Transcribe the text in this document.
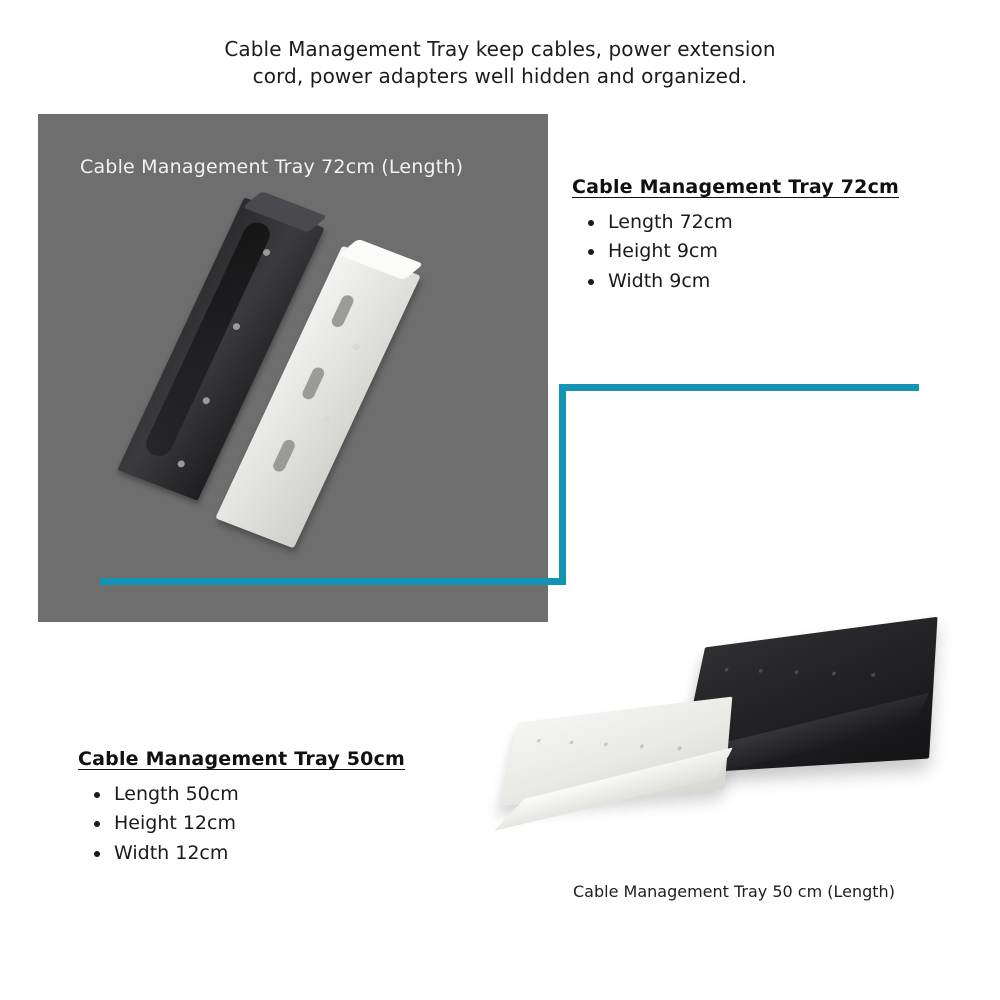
Cable Management Tray keep cables, power extension
cord, power adapters well hidden and organized.
Cable Management Tray 72cm (Length)
Cable Management Tray 72cm
• Length 72cm
• Height 9cm
• Width 9cm
Cable Management Tray 50cm
• Length 50cm
• Height 12cm
• Width 12cm
Cable Management Tray 50 cm (Length)
